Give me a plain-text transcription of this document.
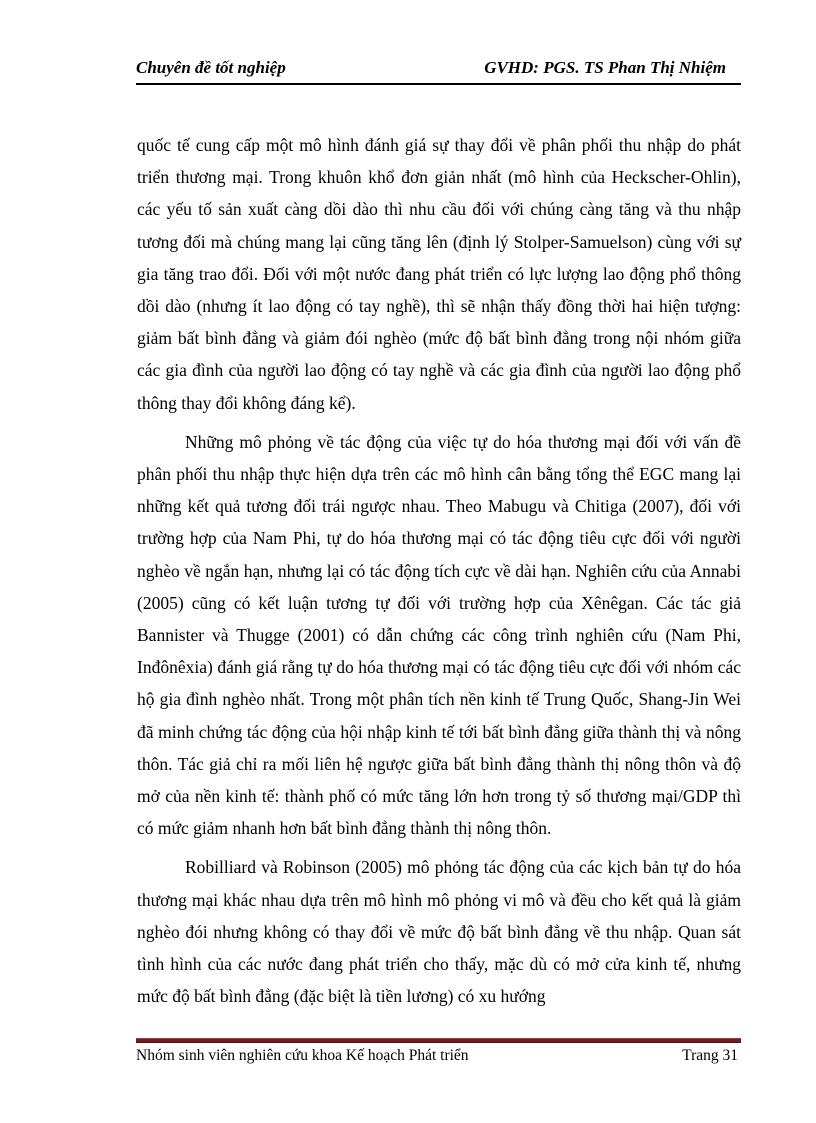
Chuyên đề tốt nghiệp	GVHD: PGS. TS Phan Thị Nhiệm

quốc tế cung cấp một mô hình đánh giá sự thay đổi về phân phối thu nhập do phát triển thương mại. Trong khuôn khổ đơn giản nhất (mô hình của Heckscher-Ohlin), các yếu tố sản xuất càng dồi dào thì nhu cầu đối với chúng càng tăng và thu nhập tương đối mà chúng mang lại cũng tăng lên (định lý Stolper-Samuelson) cùng với sự gia tăng trao đổi. Đối với một nước đang phát triển có lực lượng lao động phổ thông dồi dào (nhưng ít lao động có tay nghề), thì sẽ nhận thấy đồng thời hai hiện tượng: giảm bất bình đẳng và giảm đói nghèo (mức độ bất bình đẳng trong nội nhóm giữa các gia đình của người lao động có tay nghề và các gia đình của người lao động phổ thông thay đổi không đáng kể).

Những mô phỏng về tác động của việc tự do hóa thương mại đối với vấn đề phân phối thu nhập thực hiện dựa trên các mô hình cân bằng tổng thể EGC mang lại những kết quả tương đối trái ngược nhau. Theo Mabugu và Chitiga (2007), đối với trường hợp của Nam Phi, tự do hóa thương mại có tác động tiêu cực đối với người nghèo về ngắn hạn, nhưng lại có tác động tích cực về dài hạn. Nghiên cứu của Annabi (2005) cũng có kết luận tương tự đối với trường hợp của Xênêgan. Các tác giả Bannister và Thugge (2001) có dẫn chứng các công trình nghiên cứu (Nam Phi, Inđônêxia) đánh giá rằng tự do hóa thương mại có tác động tiêu cực đối với nhóm các hộ gia đình nghèo nhất. Trong một phân tích nền kinh tế Trung Quốc, Shang-Jin Wei đã minh chứng tác động của hội nhập kinh tế tới bất bình đẳng giữa thành thị và nông thôn. Tác giả chỉ ra mối liên hệ ngược giữa bất bình đẳng thành thị nông thôn và độ mở của nền kinh tế: thành phố có mức tăng lớn hơn trong tỷ số thương mại/GDP thì có mức giảm nhanh hơn bất bình đẳng thành thị nông thôn.

Robilliard và Robinson (2005) mô phỏng tác động của các kịch bản tự do hóa thương mại khác nhau dựa trên mô hình mô phỏng vi mô và đều cho kết quả là giảm nghèo đói nhưng không có thay đổi về mức độ bất bình đẳng về thu nhập. Quan sát tình hình của các nước đang phát triển cho thấy, mặc dù có mở cửa kinh tế, nhưng mức độ bất bình đẳng (đặc biệt là tiền lương) có xu hướng

Nhóm sinh viên nghiên cứu khoa Kế hoạch Phát triển	Trang 31
